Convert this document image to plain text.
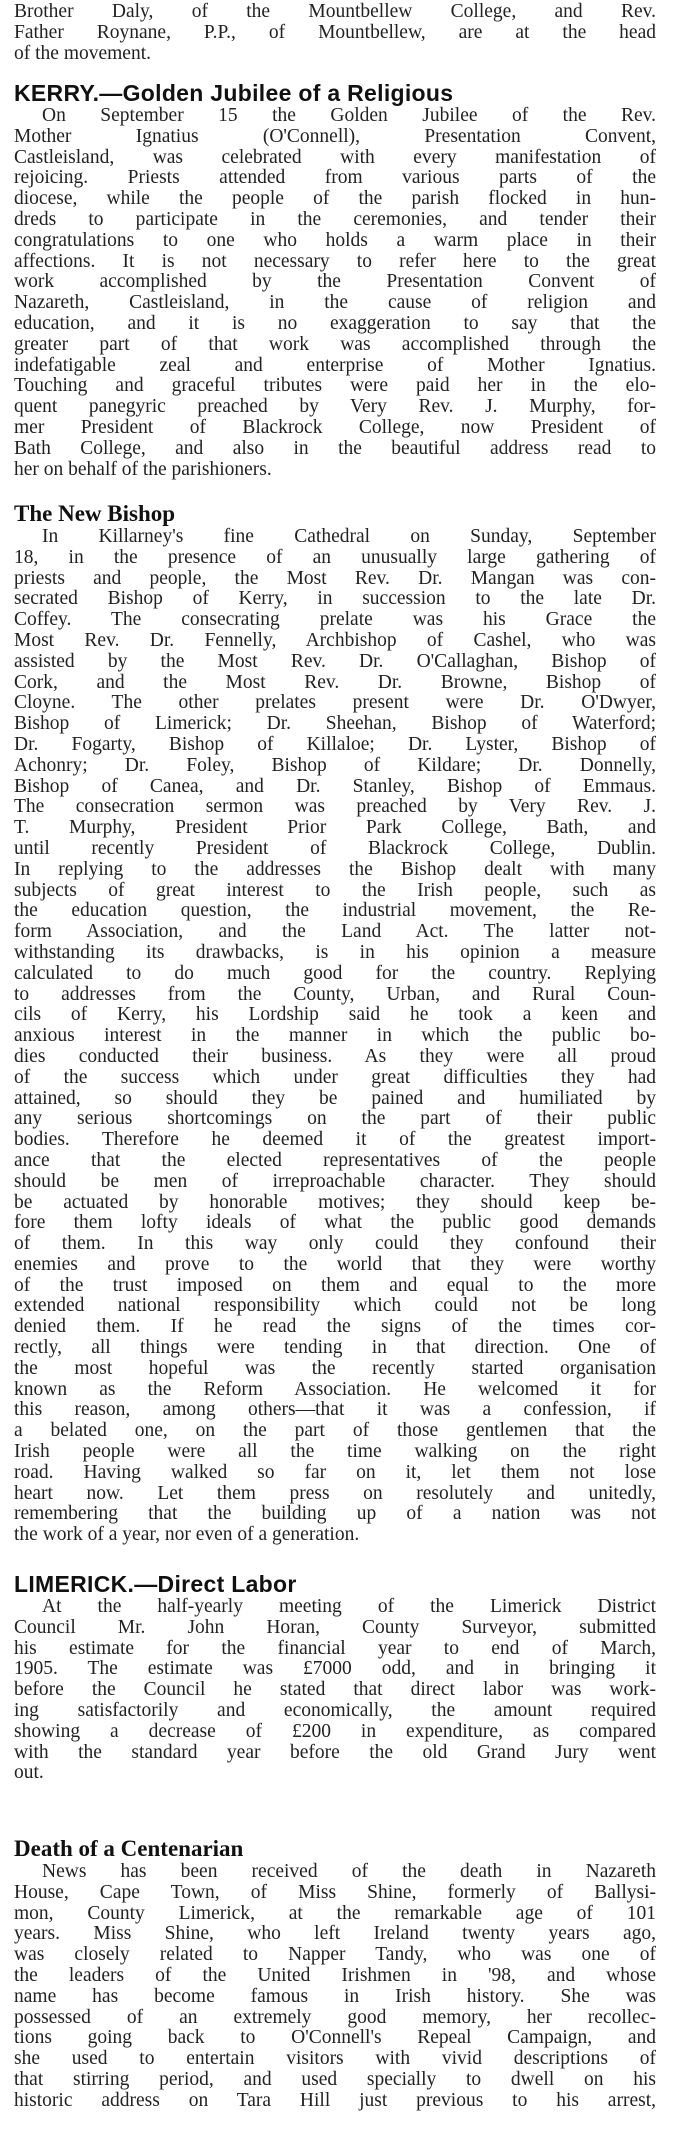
Brother Daly, of the Mountbellew College, and Rev.
Father Roynane, P.P., of Mountbellew, are at the head
of the movement.
KERRY.—Golden Jubilee of a Religious
On September 15 the Golden Jubilee of the Rev.
Mother Ignatius (O'Connell), Presentation Convent,
Castleisland, was celebrated with every manifestation of
rejoicing. Priests attended from various parts of the
diocese, while the people of the parish flocked in hun-
dreds to participate in the ceremonies, and tender their
congratulations to one who holds a warm place in their
affections. It is not necessary to refer here to the great
work accomplished by the Presentation Convent of
Nazareth, Castleisland, in the cause of religion and
education, and it is no exaggeration to say that the
greater part of that work was accomplished through the
indefatigable zeal and enterprise of Mother Ignatius.
Touching and graceful tributes were paid her in the elo-
quent panegyric preached by Very Rev. J. Murphy, for-
mer President of Blackrock College, now President of
Bath College, and also in the beautiful address read to
her on behalf of the parishioners.
The New Bishop
In Killarney's fine Cathedral on Sunday, September
18, in the presence of an unusually large gathering of
priests and people, the Most Rev. Dr. Mangan was con-
secrated Bishop of Kerry, in succession to the late Dr.
Coffey. The consecrating prelate was his Grace the
Most Rev. Dr. Fennelly, Archbishop of Cashel, who was
assisted by the Most Rev. Dr. O'Callaghan, Bishop of
Cork, and the Most Rev. Dr. Browne, Bishop of
Cloyne. The other prelates present were Dr. O'Dwyer,
Bishop of Limerick; Dr. Sheehan, Bishop of Waterford;
Dr. Fogarty, Bishop of Killaloe; Dr. Lyster, Bishop of
Achonry; Dr. Foley, Bishop of Kildare; Dr. Donnelly,
Bishop of Canea, and Dr. Stanley, Bishop of Emmaus.
The consecration sermon was preached by Very Rev. J.
T. Murphy, President Prior Park College, Bath, and
until recently President of Blackrock College, Dublin.
In replying to the addresses the Bishop dealt with many
subjects of great interest to the Irish people, such as
the education question, the industrial movement, the Re-
form Association, and the Land Act. The latter not-
withstanding its drawbacks, is in his opinion a measure
calculated to do much good for the country. Replying
to addresses from the County, Urban, and Rural Coun-
cils of Kerry, his Lordship said he took a keen and
anxious interest in the manner in which the public bo-
dies conducted their business. As they were all proud
of the success which under great difficulties they had
attained, so should they be pained and humiliated by
any serious shortcomings on the part of their public
bodies. Therefore he deemed it of the greatest import-
ance that the elected representatives of the people
should be men of irreproachable character. They should
be actuated by honorable motives; they should keep be-
fore them lofty ideals of what the public good demands
of them. In this way only could they confound their
enemies and prove to the world that they were worthy
of the trust imposed on them and equal to the more
extended national responsibility which could not be long
denied them. If he read the signs of the times cor-
rectly, all things were tending in that direction. One of
the most hopeful was the recently started organisation
known as the Reform Association. He welcomed it for
this reason, among others—that it was a confession, if
a belated one, on the part of those gentlemen that the
Irish people were all the time walking on the right
road. Having walked so far on it, let them not lose
heart now. Let them press on resolutely and unitedly,
remembering that the building up of a nation was not
the work of a year, nor even of a generation.
LIMERICK.—Direct Labor
At the half-yearly meeting of the Limerick District
Council Mr. John Horan, County Surveyor, submitted
his estimate for the financial year to end of March,
1905. The estimate was £7000 odd, and in bringing it
before the Council he stated that direct labor was work-
ing satisfactorily and economically, the amount required
showing a decrease of £200 in expenditure, as compared
with the standard year before the old Grand Jury went
out.
Death of a Centenarian
News has been received of the death in Nazareth
House, Cape Town, of Miss Shine, formerly of Ballysi-
mon, County Limerick, at the remarkable age of 101
years. Miss Shine, who left Ireland twenty years ago,
was closely related to Napper Tandy, who was one of
the leaders of the United Irishmen in '98, and whose
name has become famous in Irish history. She was
possessed of an extremely good memory, her recollec-
tions going back to O'Connell's Repeal Campaign, and
she used to entertain visitors with vivid descriptions of
that stirring period, and used specially to dwell on his
historic address on Tara Hill just previous to his arrest,
